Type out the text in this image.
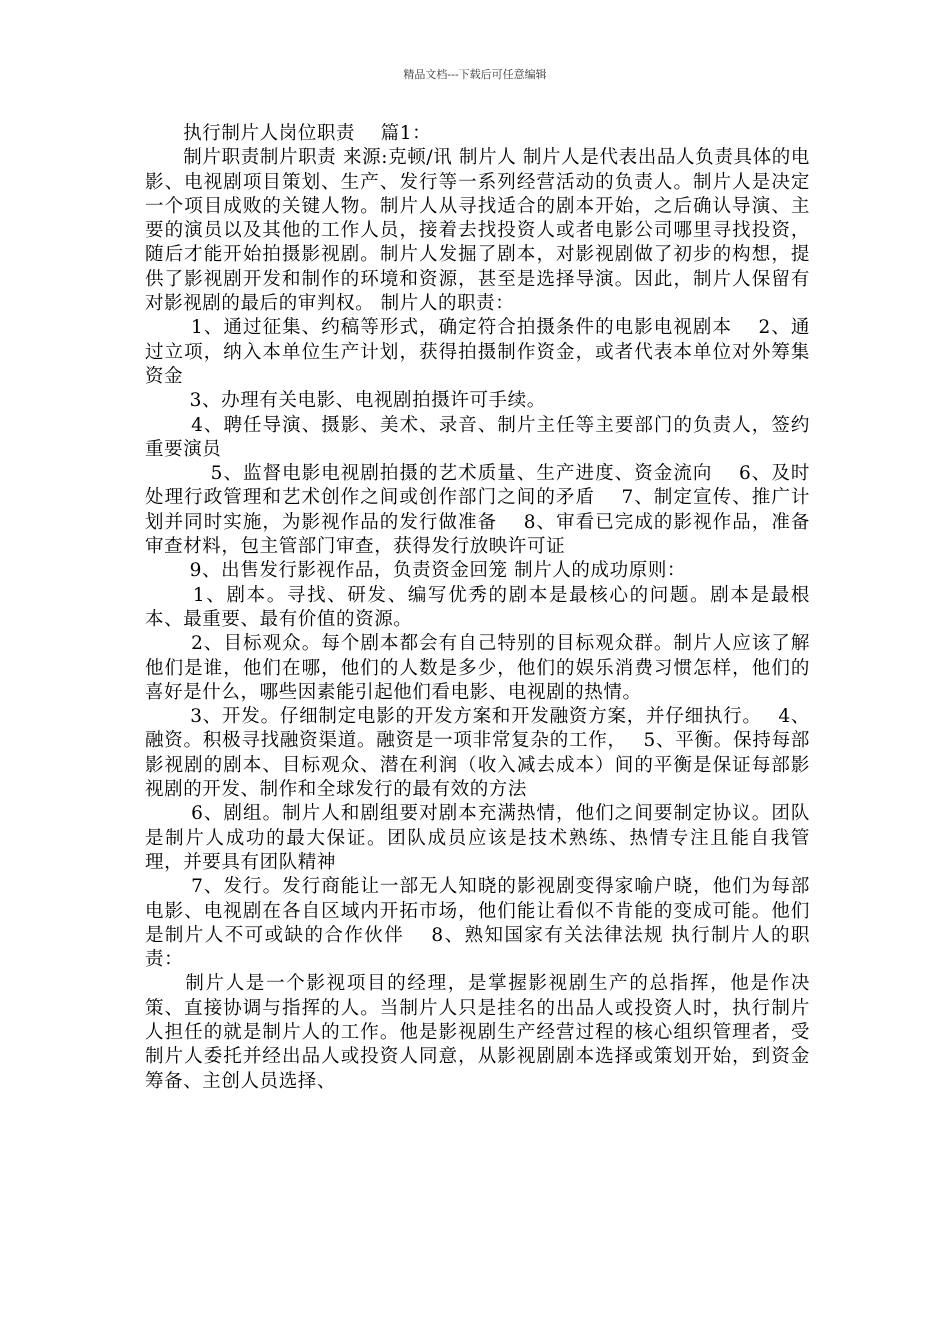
精品文档---下载后可任意编辑

　　执行制片人岗位职责　 篇1：

　　制片职责制片职责 来源:克顿/讯 制片人 制片人是代表出品人负责具体的电影、电视剧项目策划、生产、发行等一系列经营活动的负责人。制片人是决定一个项目成败的关键人物。制片人从寻找适合的剧本开始，之后确认导演、主要的演员以及其他的工作人员，接着去找投资人或者电影公司哪里寻找投资，随后才能开始拍摄影视剧。制片人发掘了剧本，对影视剧做了初步的构想，提供了影视剧开发和制作的环境和资源，甚至是选择导演。因此，制片人保留有对影视剧的最后的审判权。 制片人的职责：

　　 1、通过征集、约稿等形式，确定符合拍摄条件的电影电视剧本　 2、通过立项，纳入本单位生产计划，获得拍摄制作资金，或者代表本单位对外筹集资金

　　 3、办理有关电影、电视剧拍摄许可手续。

　　 4、聘任导演、摄影、美术、录音、制片主任等主要部门的负责人，签约重要演员

　　　 5、监督电影电视剧拍摄的艺术质量、生产进度、资金流向　 6、及时处理行政管理和艺术创作之间或创作部门之间的矛盾　 7、制定宣传、推广计划并同时实施，为影视作品的发行做准备　 8、审看已完成的影视作品，准备审查材料，包主管部门审查，获得发行放映许可证

　　 9、出售发行影视作品，负责资金回笼 制片人的成功原则：

　　 1、剧本。寻找、研发、编写优秀的剧本是最核心的问题。剧本是最根本、最重要、最有价值的资源。

　　 2、目标观众。每个剧本都会有自己特别的目标观众群。制片人应该了解他们是谁，他们在哪，他们的人数是多少，他们的娱乐消费习惯怎样，他们的喜好是什么，哪些因素能引起他们看电影、电视剧的热情。

　　 3、开发。仔细制定电影的开发方案和开发融资方案，并仔细执行。　 4、融资。积极寻找融资渠道。融资是一项非常复杂的工作，　 5、平衡。保持每部影视剧的剧本、目标观众、潜在利润（收入减去成本）间的平衡是保证每部影视剧的开发、制作和全球发行的最有效的方法

　　 6、剧组。制片人和剧组要对剧本充满热情，他们之间要制定协议。团队是制片人成功的最大保证。团队成员应该是技术熟练、热情专注且能自我管理，并要具有团队精神

　　 7、发行。发行商能让一部无人知晓的影视剧变得家喻户晓，他们为每部电影、电视剧在各自区域内开拓市场，他们能让看似不肯能的变成可能。他们是制片人不可或缺的合作伙伴　 8、熟知国家有关法律法规 执行制片人的职责：

　　制片人是一个影视项目的经理，是掌握影视剧生产的总指挥，他是作决策、直接协调与指挥的人。当制片人只是挂名的出品人或投资人时，执行制片人担任的就是制片人的工作。他是影视剧生产经营过程的核心组织管理者，受制片人委托并经出品人或投资人同意，从影视剧剧本选择或策划开始，到资金筹备、主创人员选择、
